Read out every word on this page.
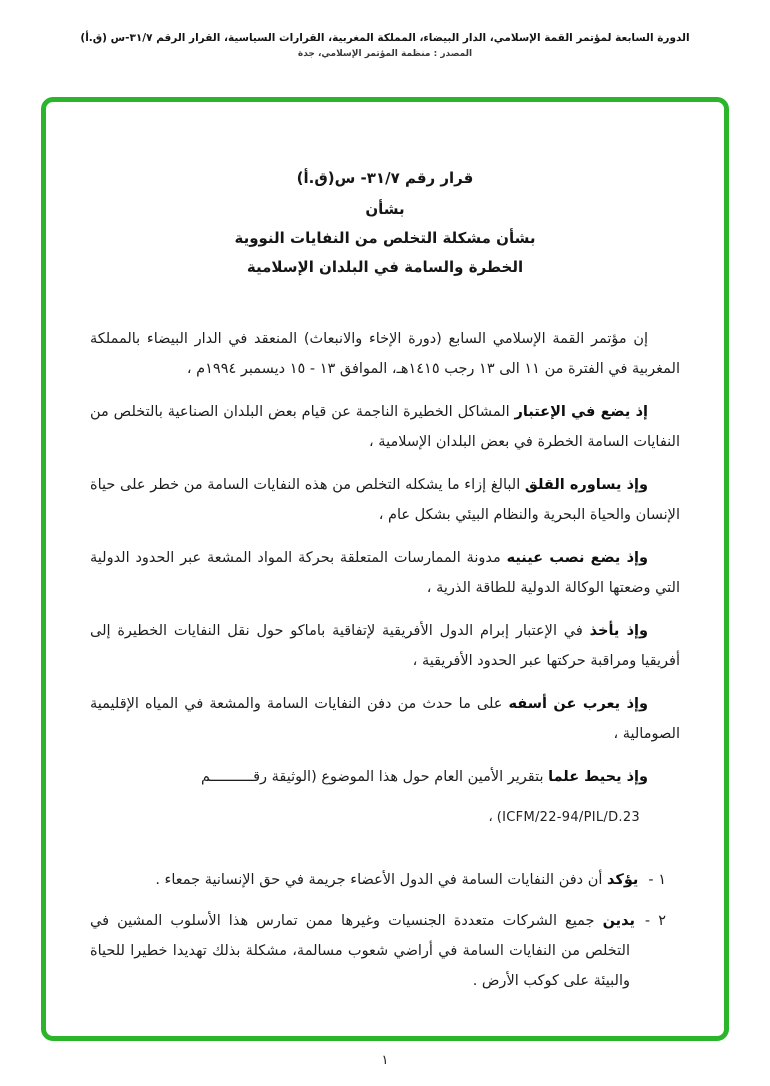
الدورة السابعة لمؤتمر القمة الإسلامي، الدار البيضاء، المملكة المغربية، القرارات السياسية، القرار الرقم ٣١/٧-س (ق.أ)
المصدر : منظمة المؤتمر الإسلامي، جدة
قرار رقم ٣١/٧- س(ق.أ)
بشأن
بشأن مشكلة التخلص من النفايات النووية
الخطرة والسامة في البلدان الإسلامية

إن مؤتمر القمة الإسلامي السابع (دورة الإخاء والانبعاث) المنعقد في الدار البيضاء بالمملكة المغربية في الفترة من ١١ الى ١٣ رجب ١٤١٥هـ، الموافق ١٣ - ١٥ ديسمبر ١٩٩٤م ،

إذ يضع في الإعتبار المشاكل الخطيرة الناجمة عن قيام بعض البلدان الصناعية بالتخلص من النفايات السامة الخطرة في بعض البلدان الإسلامية ،

وإذ يساوره القلق البالغ إزاء ما يشكله التخلص من هذه النفايات السامة من خطر على حياة الإنسان والحياة البحرية والنظام البيئي بشكل عام ،

وإذ يضع نصب عينيه مدونة الممارسات المتعلقة بحركة المواد المشعة عبر الحدود الدولية التي وضعتها الوكالة الدولية للطاقة الذرية ،

وإذ يأخذ في الإعتبار إبرام الدول الأفريقية لإتفاقية باماكو حول نقل النفايات الخطيرة إلى أفريقيا ومراقبة حركتها عبر الحدود الأفريقية ،

وإذ يعرب عن أسفه على ما حدث من دفن النفايات السامة والمشعة في المياه الإقليمية الصومالية ،

وإذ يحيط علما بتقرير الأمين العام حول هذا الموضوع (الوثيقة رقــــــــــم

(ICFM/22-94/PIL/D.23 ،

١ -يؤكد أن دفن النفايات السامة في الدول الأعضاء جريمة في حق الإنسانية جمعاء .
٢ -يدين جميع الشركات متعددة الجنسيات وغيرها ممن تمارس هذا الأسلوب المشين في التخلص من النفايات السامة في أراضي شعوب مسالمة، مشكلة بذلك تهديدا خطيرا للحياة والبيئة على كوكب الأرض .
١
